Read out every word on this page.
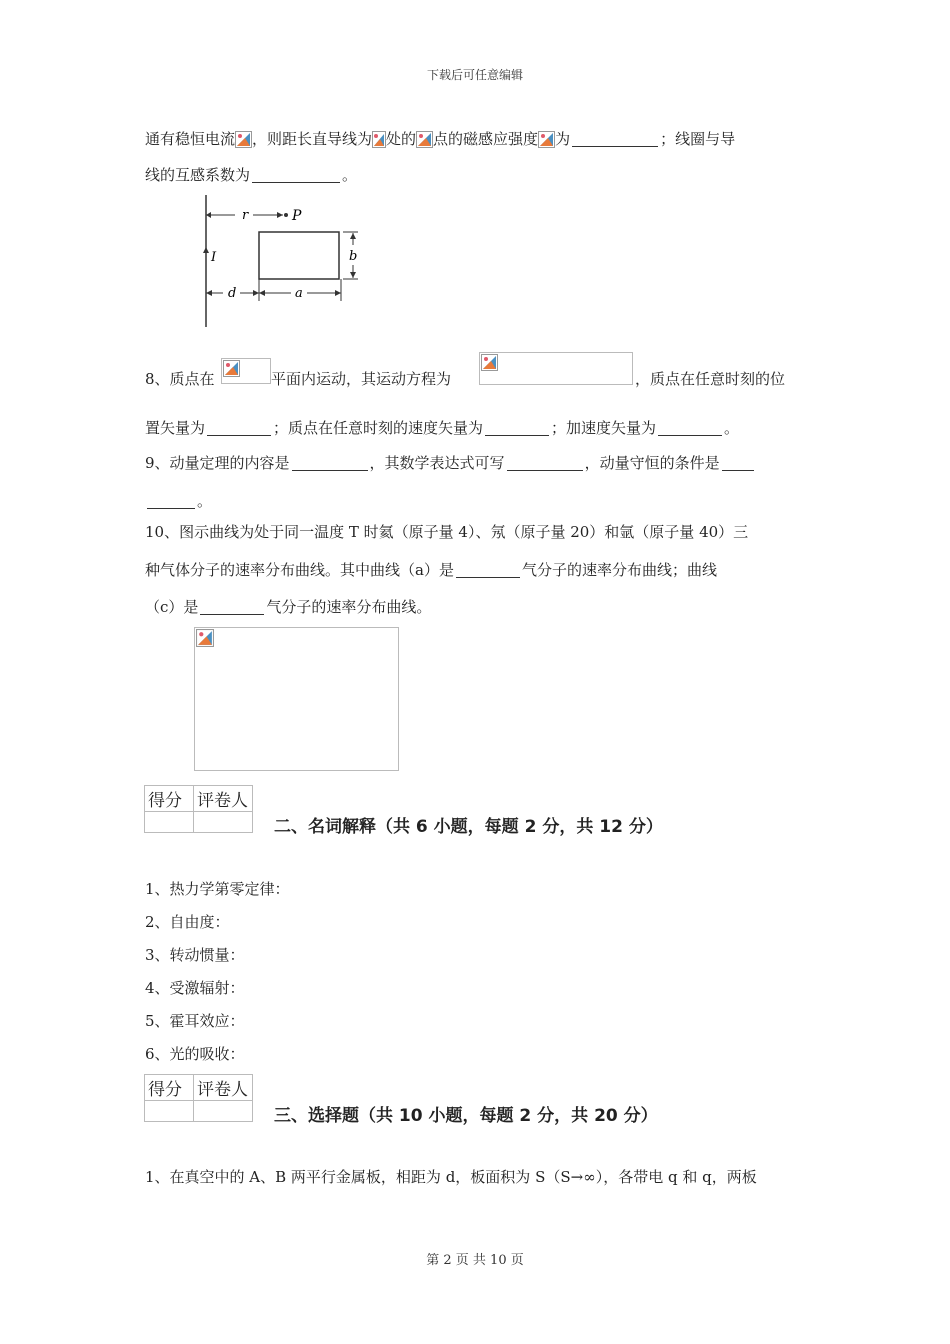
下载后可任意编辑
通有稳恒电流 ，则距长直导线为 处的 点的磁感应强度 为	；线圈与导
线的互感系数为	。
r	P
I	b
d	a
8、质点在	平面内运动，其运动方程为	，质点在任意时刻的位
置矢量为	；质点在任意时刻的速度矢量为	；加速度矢量为	。
9、动量定理的内容是	，其数学表达式可写	，动量守恒的条件是
。
10、图示曲线为处于同一温度 T 时氦（原子量 4）、氖（原子量 20）和氩（原子量 40）三
种气体分子的速率分布曲线。其中曲线（a）是	气分子的速率分布曲线；曲线
（c）是	气分子的速率分布曲线。
得分	评卷人

二、名词解释（共 6 小题，每题 2 分，共 12 分）
1、热力学第零定律：
2、自由度：
3、转动惯量：
4、受激辐射：
5、霍耳效应：
6、光的吸收：
得分	评卷人

三、选择题（共 10 小题，每题 2 分，共 20 分）
1、在真空中的 A、B 两平行金属板，相距为 d，板面积为 S（S→∞），各带电 q 和 q，两板
第 2 页 共 10 页
